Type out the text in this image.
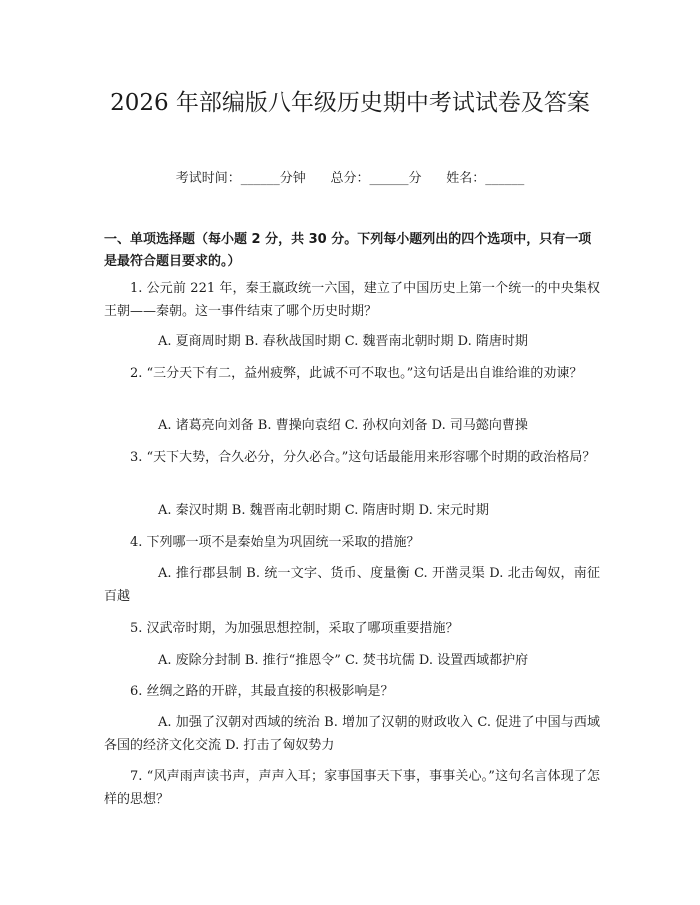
2026 年部编版八年级历史期中考试试卷及答案
考试时间：______分钟      总分：______分      姓名：______
一、单项选择题（每小题 2 分，共 30 分。下列每小题列出的四个选项中，只有一项是最符合题目要求的。）
1. 公元前 221 年，秦王嬴政统一六国，建立了中国历史上第一个统一的中央集权王朝——秦朝。这一事件结束了哪个历史时期？
A. 夏商周时期 B. 春秋战国时期 C. 魏晋南北朝时期 D. 隋唐时期
2. “三分天下有二，益州疲弊，此诚不可不取也。”这句话是出自谁给谁的劝谏？
A. 诸葛亮向刘备 B. 曹操向袁绍 C. 孙权向刘备 D. 司马懿向曹操
3. “天下大势，合久必分，分久必合。”这句话最能用来形容哪个时期的政治格局？
A. 秦汉时期 B. 魏晋南北朝时期 C. 隋唐时期 D. 宋元时期
4. 下列哪一项不是秦始皇为巩固统一采取的措施？
A. 推行郡县制 B. 统一文字、货币、度量衡 C. 开凿灵渠 D. 北击匈奴，南征百越
5. 汉武帝时期，为加强思想控制，采取了哪项重要措施？
A. 废除分封制 B. 推行“推恩令” C. 焚书坑儒 D. 设置西域都护府
6. 丝绸之路的开辟，其最直接的积极影响是？
A. 加强了汉朝对西域的统治 B. 增加了汉朝的财政收入 C. 促进了中国与西域各国的经济文化交流 D. 打击了匈奴势力
7. “风声雨声读书声，声声入耳；家事国事天下事，事事关心。”这句名言体现了怎样的思想？
